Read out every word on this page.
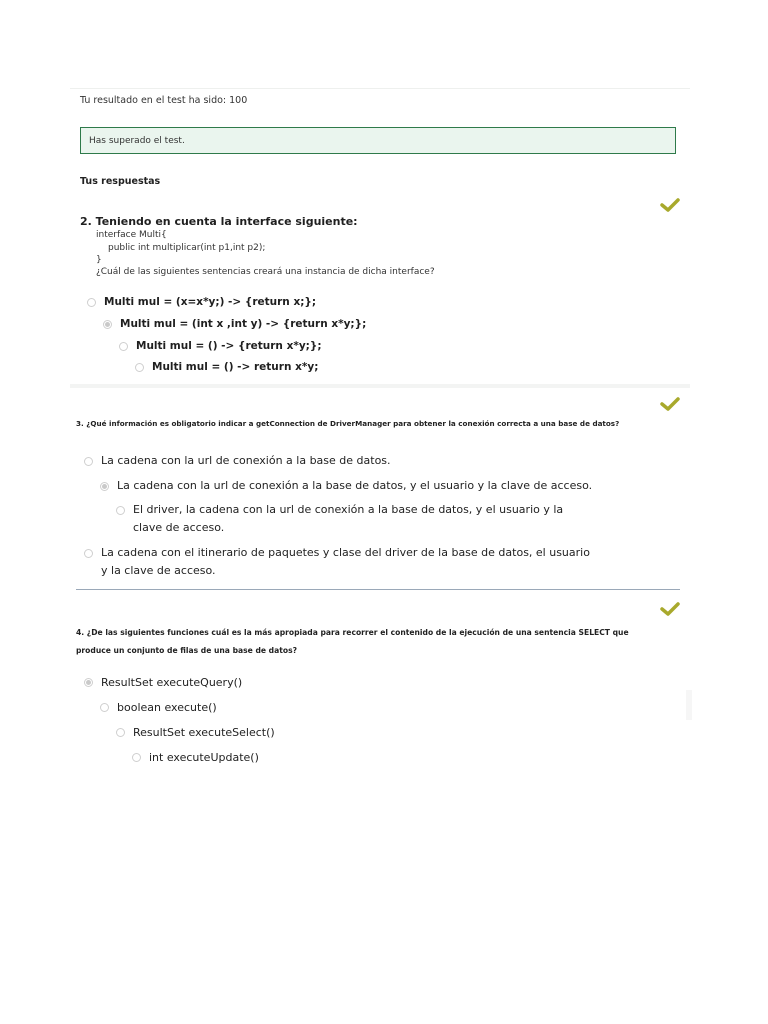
Tu resultado en el test ha sido: 100
Has superado el test.
Tus respuestas
2. Teniendo en cuenta la interface siguiente:
interface Multi{
public int multiplicar(int p1,int p2);
}
¿Cuál de las siguientes sentencias creará una instancia de dicha interface?
Multi mul = (x=x*y;) -> {return x;};
Multi mul = (int x ,int y) -> {return x*y;};
Multi mul = () -> {return x*y;};
Multi mul = () -> return x*y;
3. ¿Qué información es obligatorio indicar a getConnection de DriverManager para obtener la conexión correcta a una base de datos?
La cadena con la url de conexión a la base de datos.
La cadena con la url de conexión a la base de datos, y el usuario y la clave de acceso.
El driver, la cadena con la url de conexión a la base de datos, y el usuario y la clave de acceso.
La cadena con el itinerario de paquetes y clase del driver de la base de datos, el usuario y la clave de acceso.
4. ¿De las siguientes funciones cuál es la más apropiada para recorrer el contenido de la ejecución de una sentencia SELECT que produce un conjunto de filas de una base de datos?
ResultSet executeQuery()
boolean execute()
ResultSet executeSelect()
int executeUpdate()
